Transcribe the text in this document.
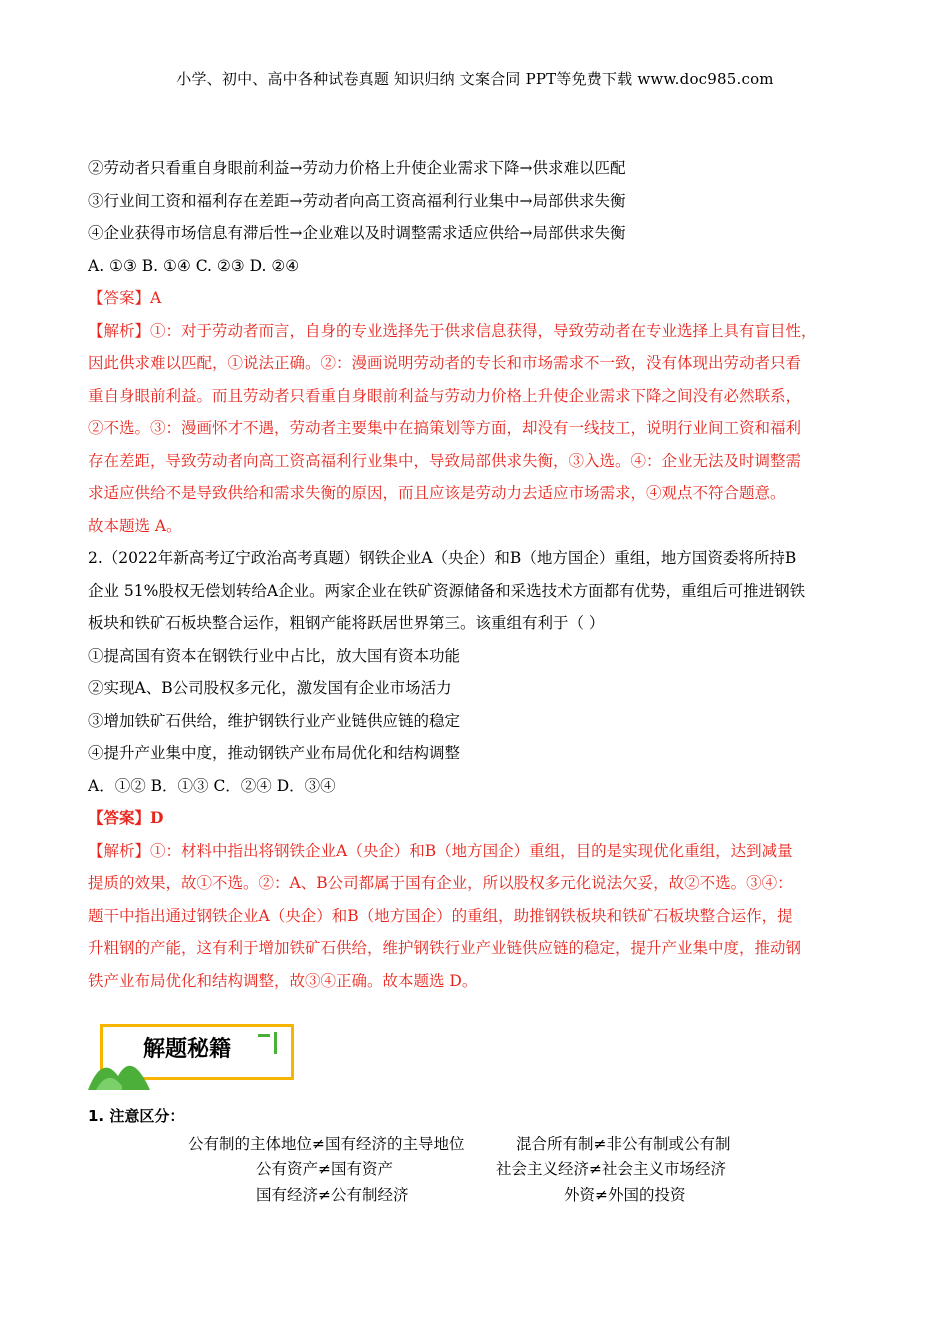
小学、初中、高中各种试卷真题 知识归纳 文案合同 PPT等免费下载 www.doc985.com
②劳动者只看重自身眼前利益→劳动力价格上升使企业需求下降→供求难以匹配
③行业间工资和福利存在差距→劳动者向高工资高福利行业集中→局部供求失衡
④企业获得市场信息有滞后性→企业难以及时调整需求适应供给→局部供求失衡
A. ①③ B. ①④ C. ②③ D. ②④
【答案】A
【解析】①：对于劳动者而言，自身的专业选择先于供求信息获得，导致劳动者在专业选择上具有盲目性，
因此供求难以匹配，①说法正确。②：漫画说明劳动者的专长和市场需求不一致，没有体现出劳动者只看
重自身眼前利益。而且劳动者只看重自身眼前利益与劳动力价格上升使企业需求下降之间没有必然联系，
②不选。③：漫画怀才不遇，劳动者主要集中在搞策划等方面，却没有一线技工，说明行业间工资和福利
存在差距，导致劳动者向高工资高福利行业集中，导致局部供求失衡，③入选。④：企业无法及时调整需
求适应供给不是导致供给和需求失衡的原因，而且应该是劳动力去适应市场需求，④观点不符合题意。
故本题选 A。
2.（2022年新高考辽宁政治高考真题）钢铁企业A（央企）和B（地方国企）重组，地方国资委将所持B
企业 51%股权无偿划转给A企业。两家企业在铁矿资源储备和采选技术方面都有优势，重组后可推进钢铁
板块和铁矿石板块整合运作，粗钢产能将跃居世界第三。该重组有利于（ ）
①提高国有资本在钢铁行业中占比，放大国有资本功能
②实现A、B公司股权多元化，激发国有企业市场活力
③增加铁矿石供给，维护钢铁行业产业链供应链的稳定
④提升产业集中度，推动钢铁产业布局优化和结构调整
A．①② B．①③ C．②④ D．③④
【答案】D
【解析】①：材料中指出将钢铁企业A（央企）和B（地方国企）重组，目的是实现优化重组，达到减量
提质的效果，故①不选。②：A、B公司都属于国有企业，所以股权多元化说法欠妥，故②不选。③④：
题干中指出通过钢铁企业A（央企）和B（地方国企）的重组，助推钢铁板块和铁矿石板块整合运作，提
升粗钢的产能，这有利于增加铁矿石供给，维护钢铁行业产业链供应链的稳定，提升产业集中度，推动钢
铁产业布局优化和结构调整，故③④正确。故本题选 D。
解题秘籍
1. 注意区分：
公有制的主体地位≠国有经济的主导地位	混合所有制≠非公有制或公有制
公有资产≠国有资产	社会主义经济≠社会主义市场经济
国有经济≠公有制经济	外资≠外国的投资
